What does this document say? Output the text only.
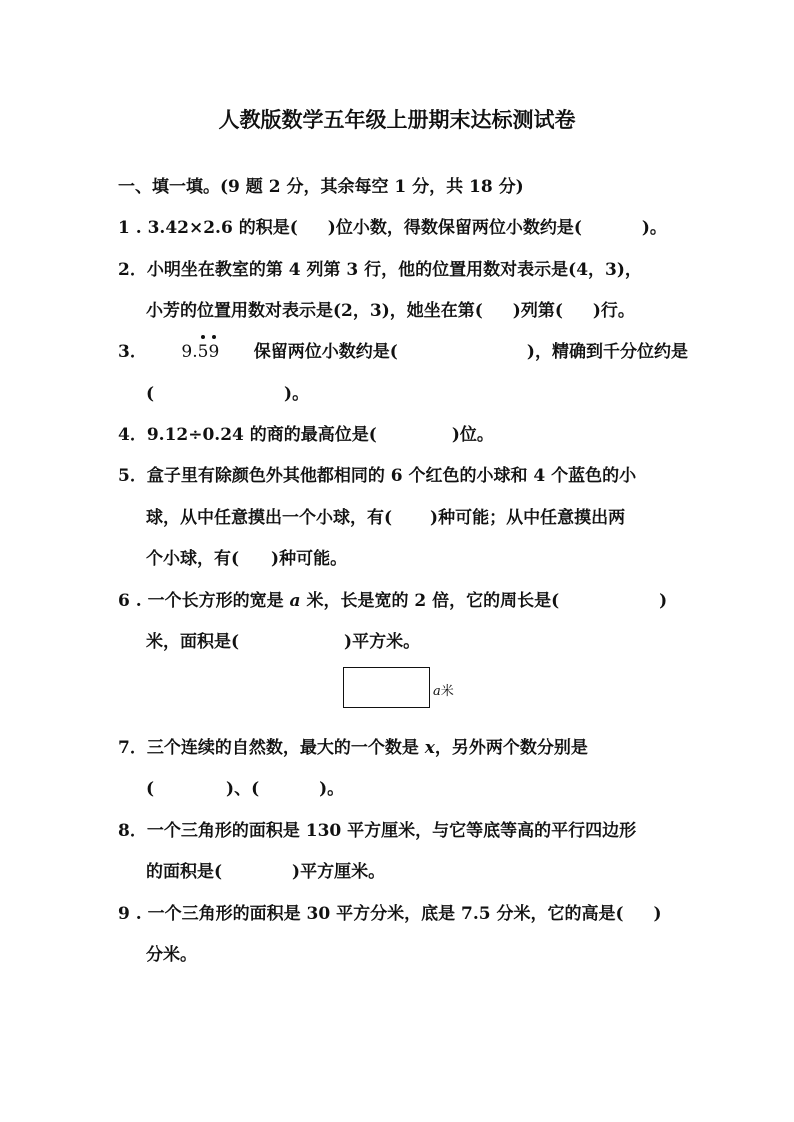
人教版数学五年级上册期末达标测试卷
一、填一填。(9 题 2 分，其余每空 1 分，共 18 分)
1 . 3.42×2.6 的积是( )位小数，得数保留两位小数约是(	)。
2．小明坐在教室的第 4 列第 3 行，他的位置用数对表示是(4，3)，
小芳的位置用数对表示是(2，3)，她坐在第( )列第( )行。
3． 9.
5
9 保留两位小数约是(	)，精确到千分位约是
(	)。
4．9.12÷0.24 的商的最高位是(	)位。
5．盒子里有除颜色外其他都相同的 6 个红色的小球和 4 个蓝色的小
球，从中任意摸出一个小球，有( )种可能；从中任意摸出两
个小球，有( )种可能。
6 . 一个长方形的宽是 a 米，长是宽的 2 倍，它的周长是(	)
米，面积是(	)平方米。
a米
7．三个连续的自然数，最大的一个数是 x，另外两个数分别是
(	)、(	)。
8．一个三角形的面积是 130 平方厘米，与它等底等高的平行四边形
的面积是(	)平方厘米。
9 . 一个三角形的面积是 30 平方分米，底是 7.5 分米，它的高是( )
分米。
